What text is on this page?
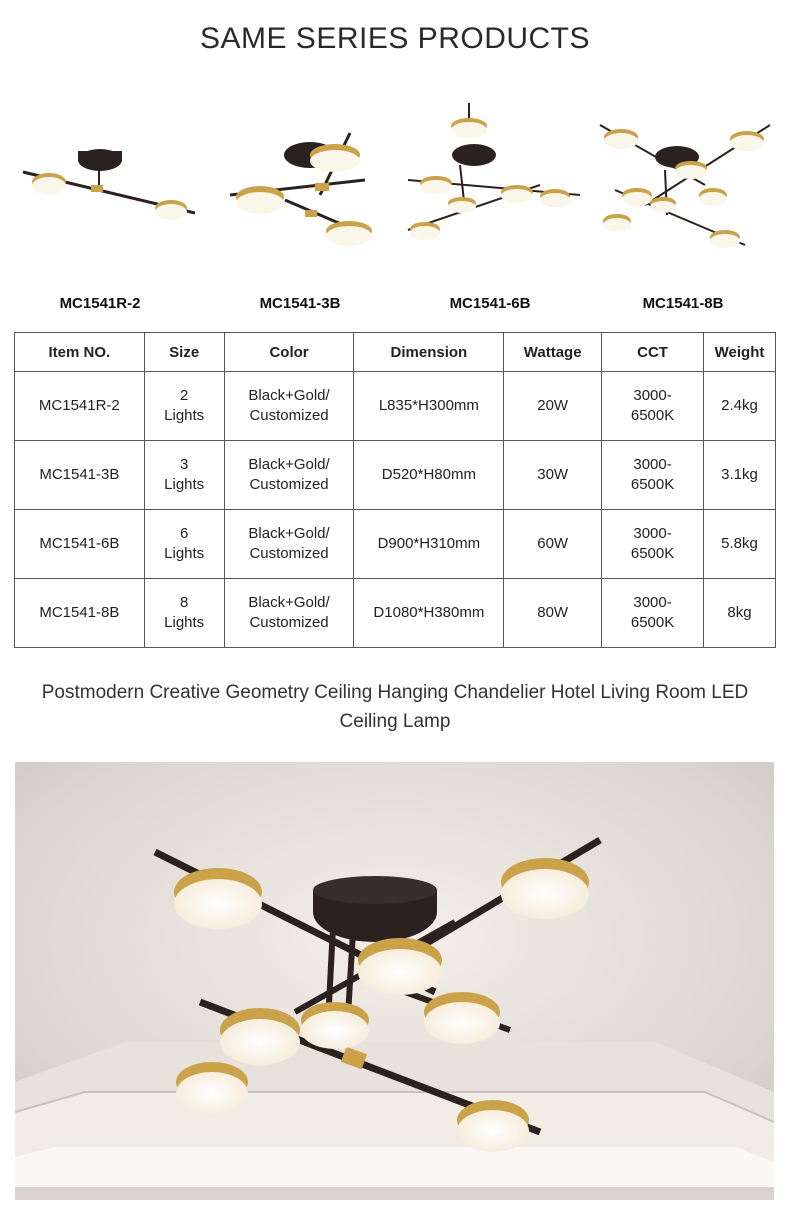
SAME SERIES PRODUCTS
MC1541R-2	MC1541-3B	MC1541-6B	MC1541-8B
Item NO.	Size	Color	Dimension	Wattage	CCT	Weight
MC1541R-2	2 Lights	Black+Gold/ Customized	L835*H300mm	20W	3000- 6500K	2.4kg
MC1541-3B	3 Lights	Black+Gold/ Customized	D520*H80mm	30W	3000- 6500K	3.1kg
MC1541-6B	6 Lights	Black+Gold/ Customized	D900*H310mm	60W	3000- 6500K	5.8kg
MC1541-8B	8 Lights	Black+Gold/ Customized	D1080*H380mm	80W	3000- 6500K	8kg
Postmodern Creative Geometry Ceiling Hanging Chandelier Hotel Living Room LED Ceiling Lamp
